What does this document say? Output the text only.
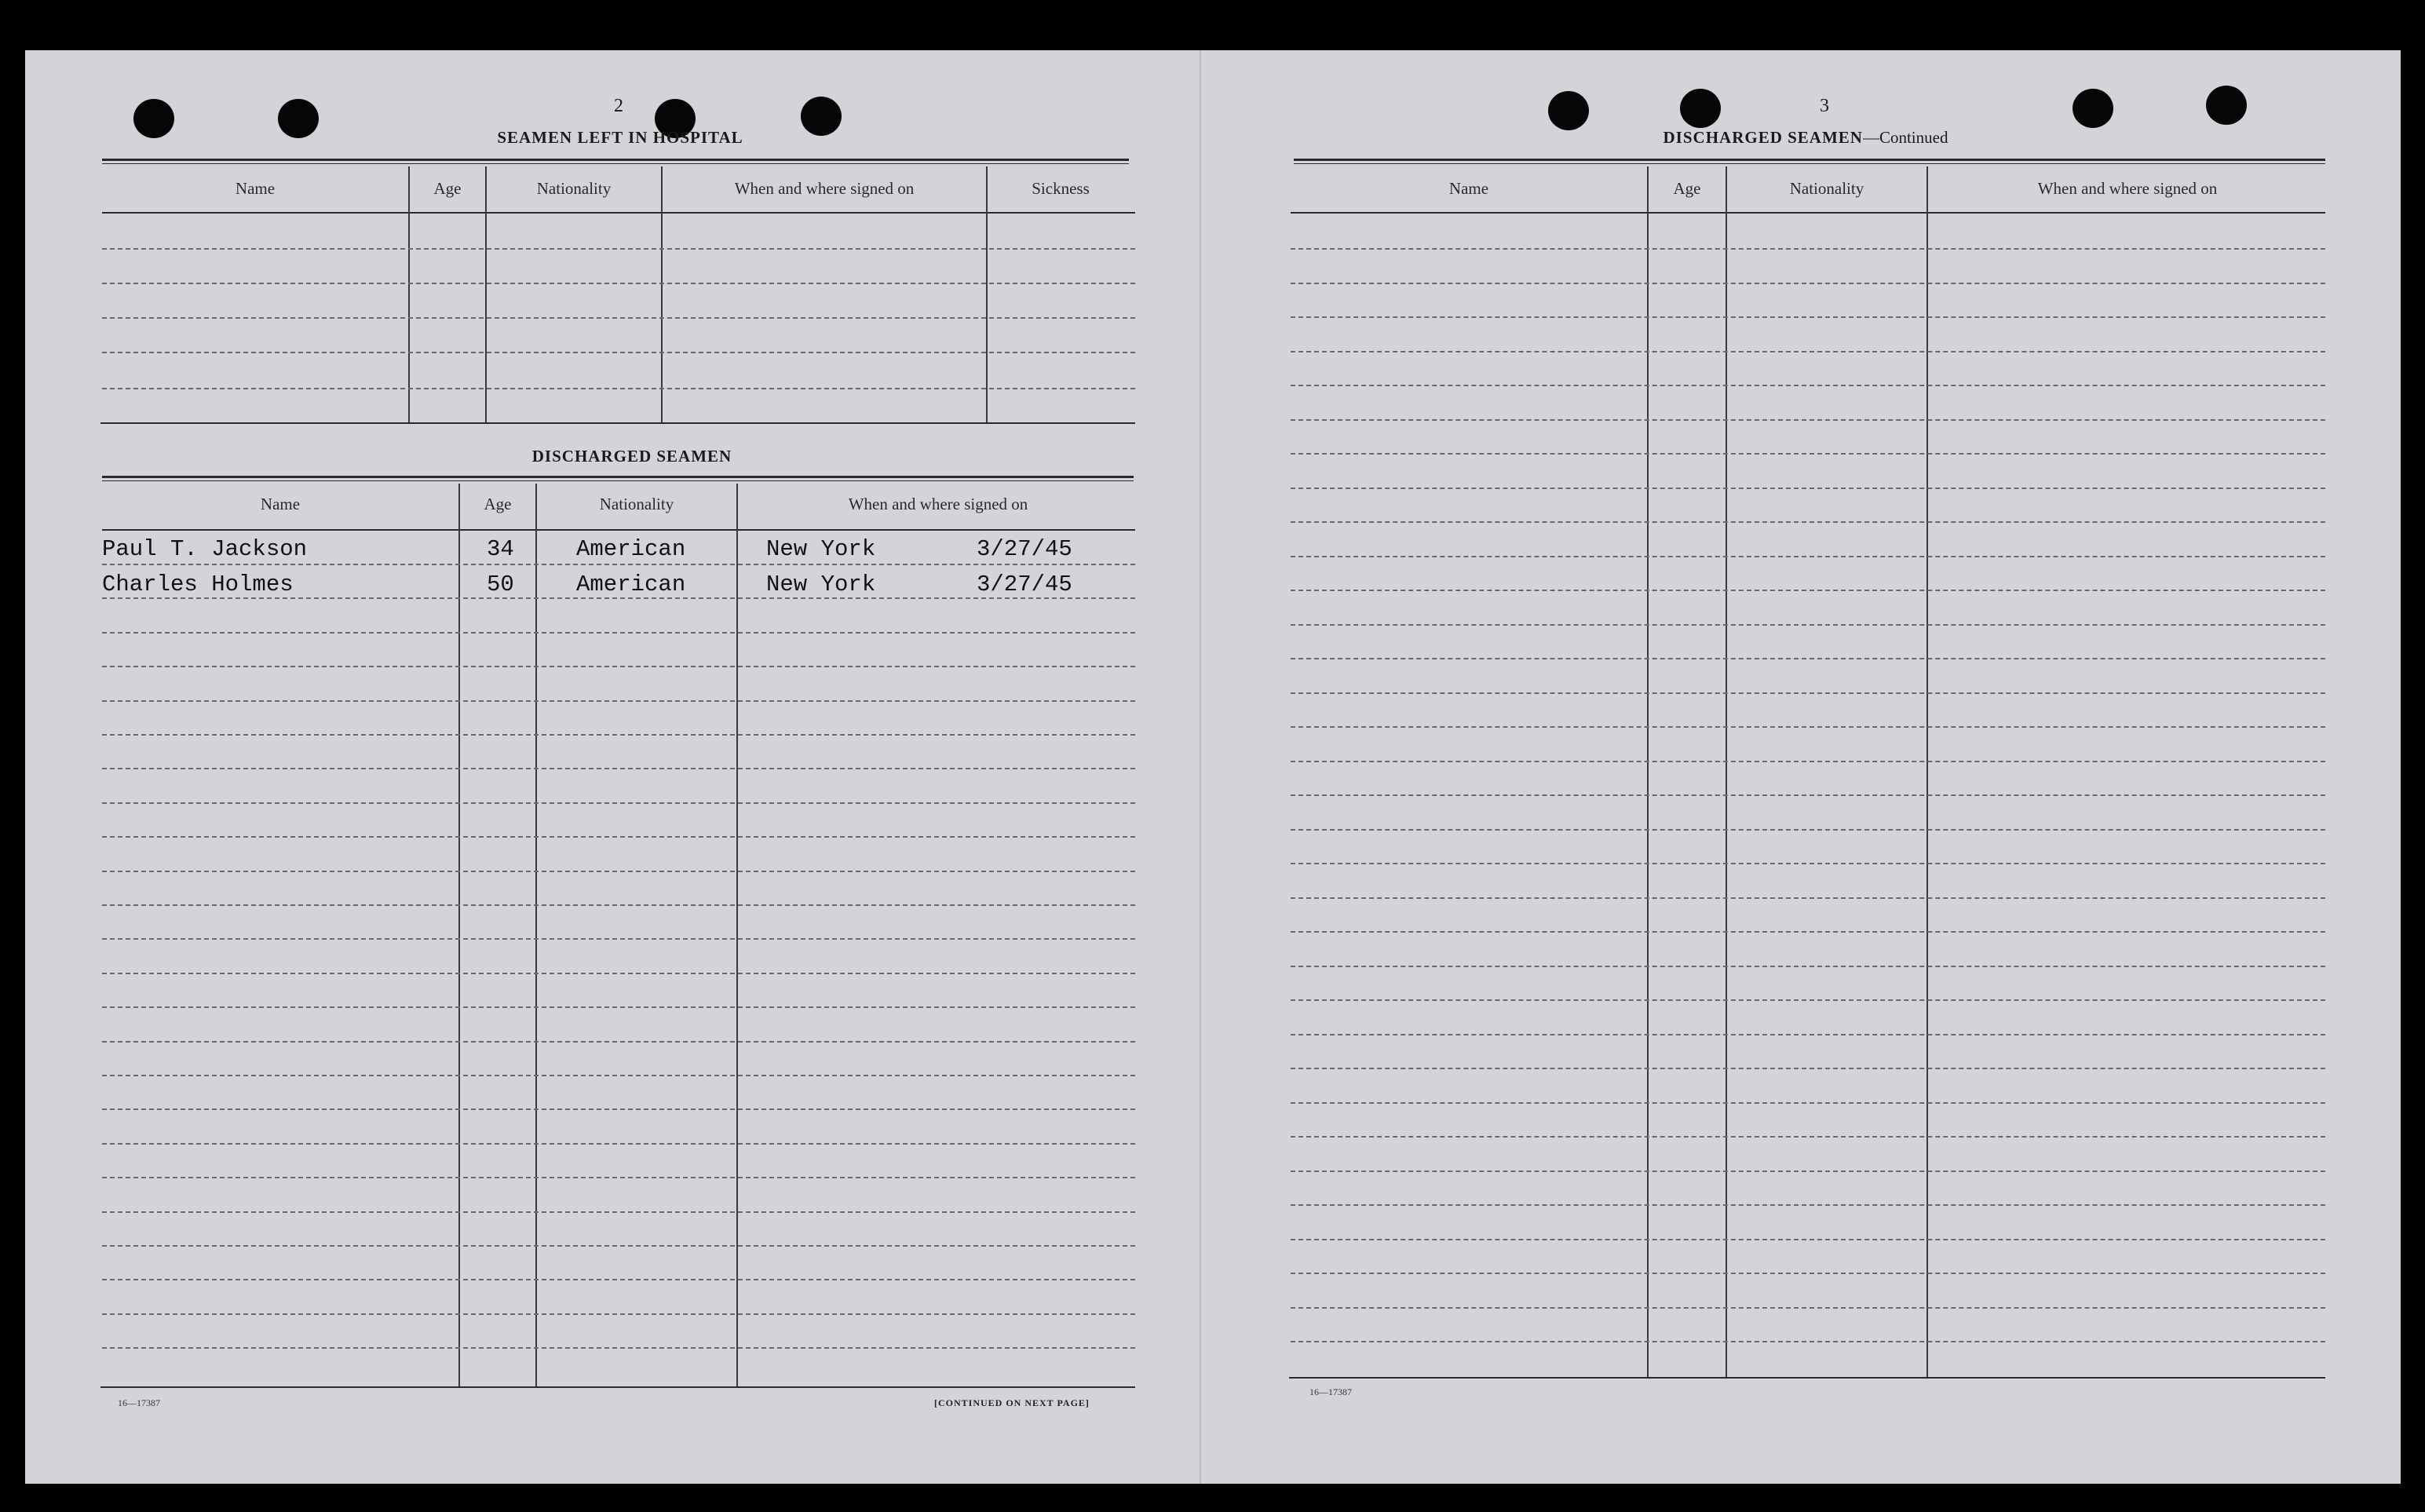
2
SEAMEN LEFT IN HOSPITAL
Name	Age	Nationality	When and where signed on	Sickness
DISCHARGED SEAMEN
Name	Age	Nationality	When and where signed on
Paul T. Jackson	34	American	New York	3/27/45
Charles Holmes	50	American	New York	3/27/45
16—17387	[CONTINUED ON NEXT PAGE]
3
DISCHARGED SEAMEN—Continued
Name	Age	Nationality	When and where signed on
16—17387
